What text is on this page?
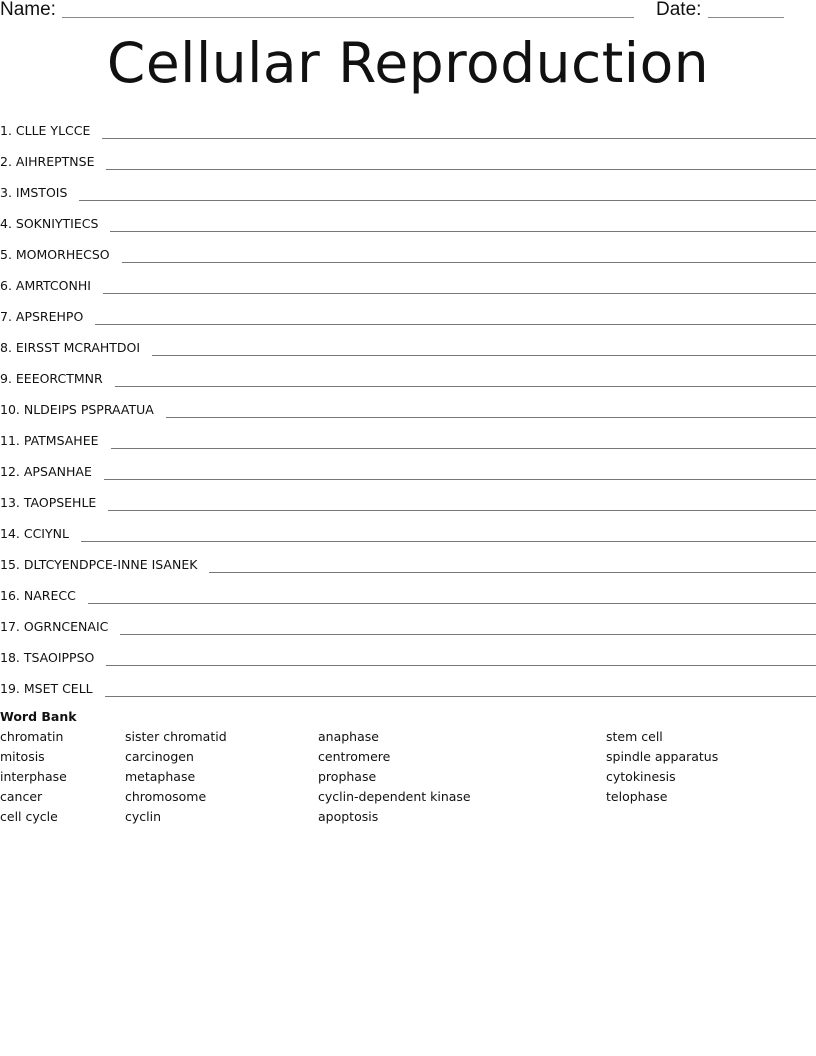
Name:	Date:
Cellular Reproduction
1. CLLE YLCCE
2. AIHREPTNSE
3. IMSTOIS
4. SOKNIYTIECS
5. MOMORHECSO
6. AMRTCONHI
7. APSREHPO
8. EIRSST MCRAHTDOI
9. EEEORCTMNR
10. NLDEIPS PSPRAATUA
11. PATMSAHEE
12. APSANHAE
13. TAOPSEHLE
14. CCIYNL
15. DLTCYENDPCE-INNE ISANEK
16. NARECC
17. OGRNCENAIC
18. TSAOIPPSO
19. MSET CELL
Word Bank
chromatin
mitosis
interphase
cancer
cell cycle
sister chromatid
carcinogen
metaphase
chromosome
cyclin
anaphase
centromere
prophase
cyclin-dependent kinase
apoptosis
stem cell
spindle apparatus
cytokinesis
telophase
